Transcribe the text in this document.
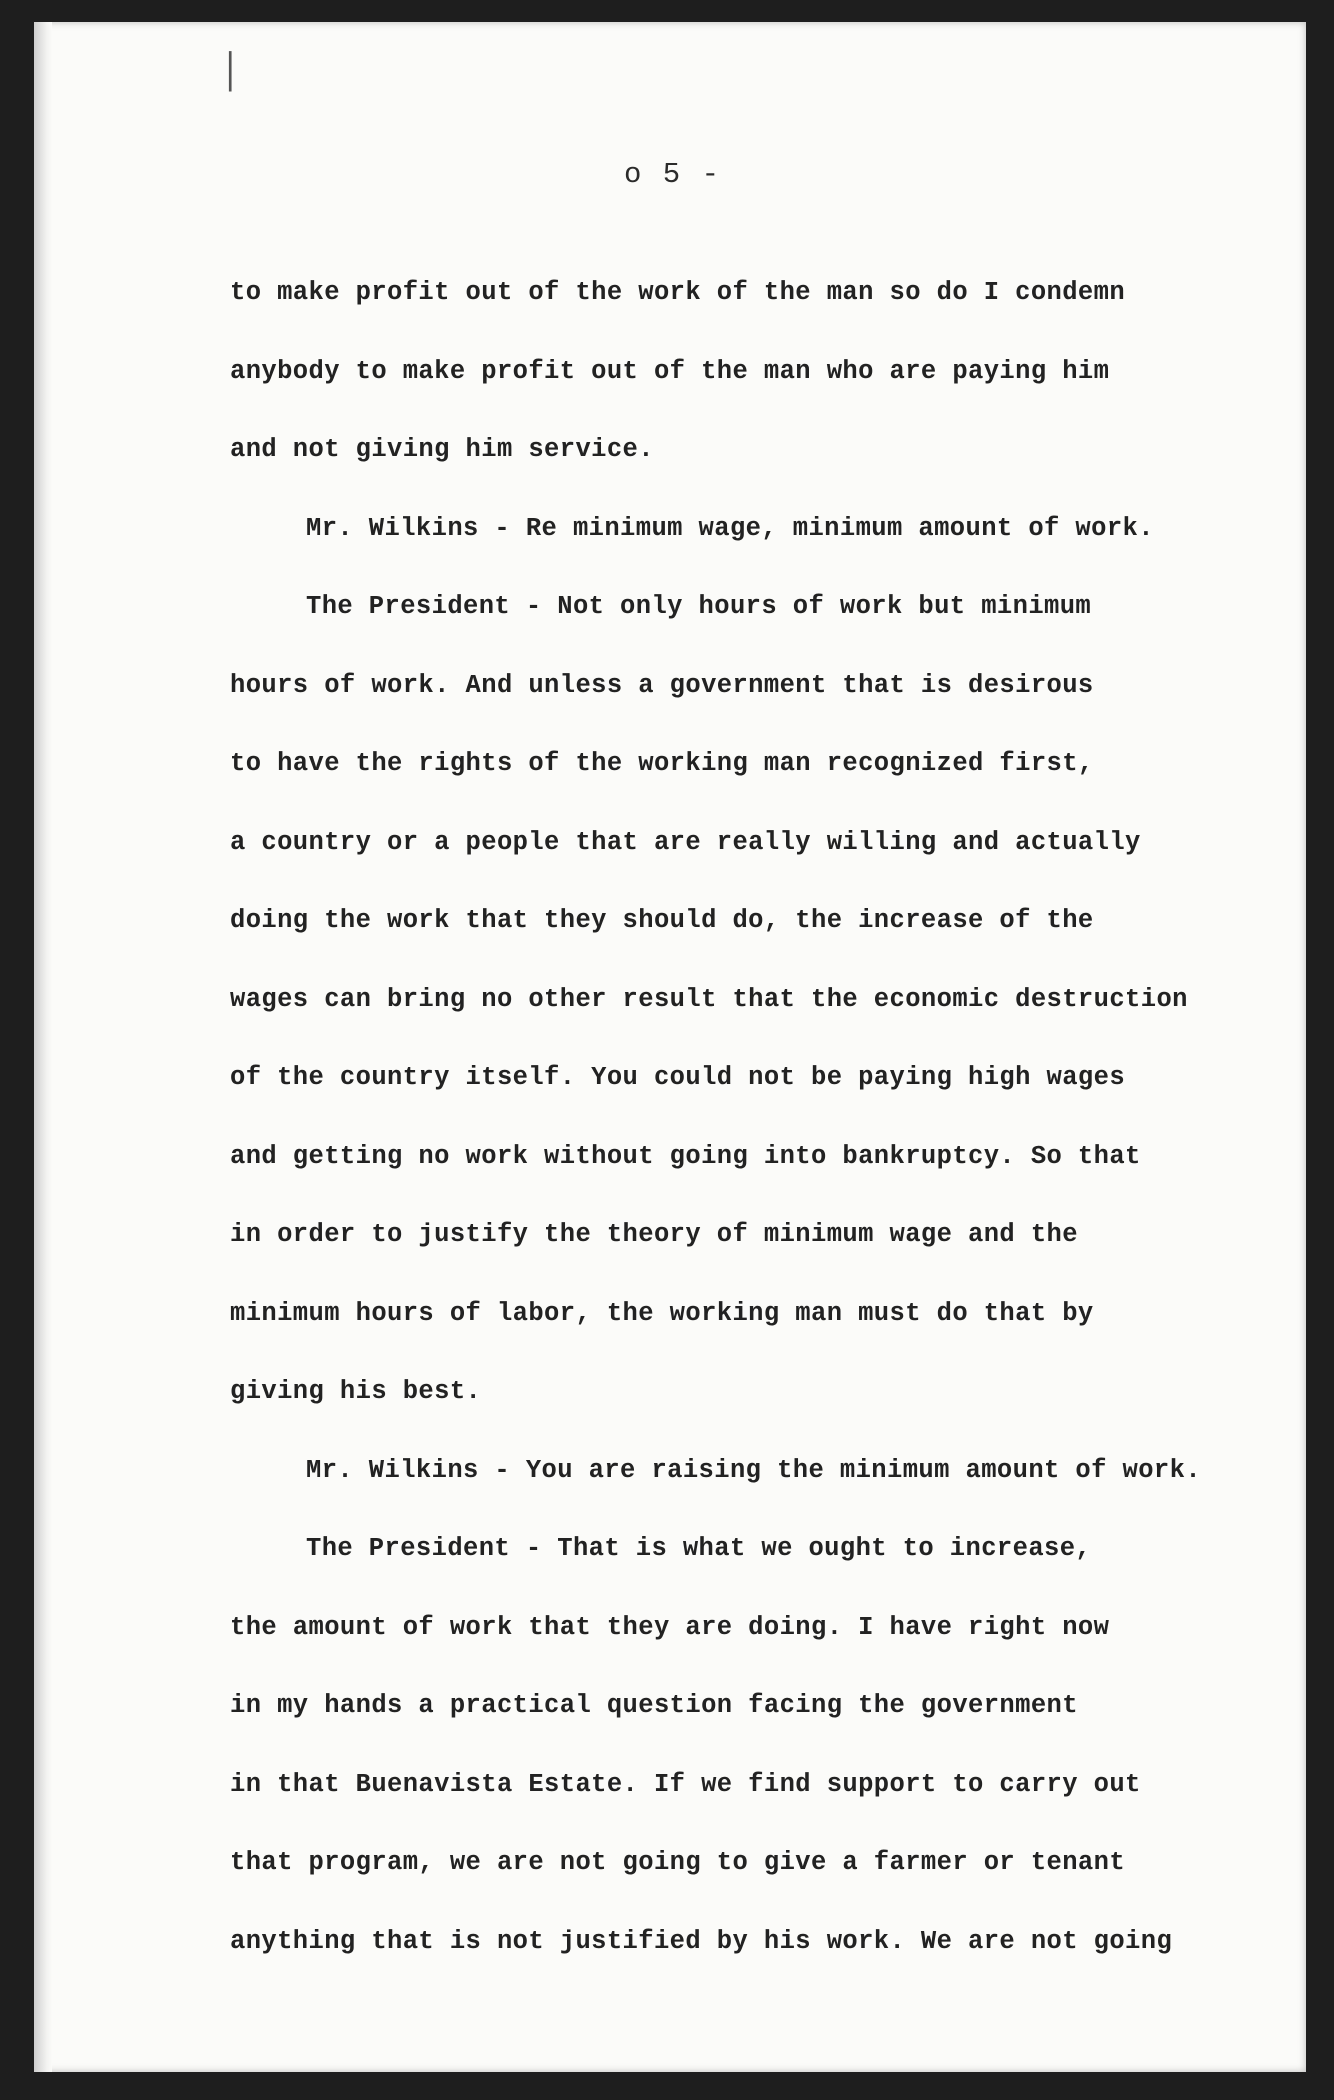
│
o 5 -
to make profit out of the work of the man so do I condemn
anybody to make profit out of the man who are paying him
and not giving him service.
Mr. Wilkins - Re minimum wage, minimum amount of work.
The President - Not only hours of work but minimum
hours of work. And unless a government that is desirous
to have the rights of the working man recognized first,
a country or a people that are really willing and actually
doing the work that they should do, the increase of the
wages can bring no other result that the economic destruction
of the country itself. You could not be paying high wages
and getting no work without going into bankruptcy. So that
in order to justify the theory of minimum wage and the
minimum hours of labor, the working man must do that by
giving his best.
Mr. Wilkins - You are raising the minimum amount of work.
The President - That is what we ought to increase,
the amount of work that they are doing. I have right now
in my hands a practical question facing the government
in that Buenavista Estate. If we find support to carry out
that program, we are not going to give a farmer or tenant
anything that is not justified by his work. We are not going
